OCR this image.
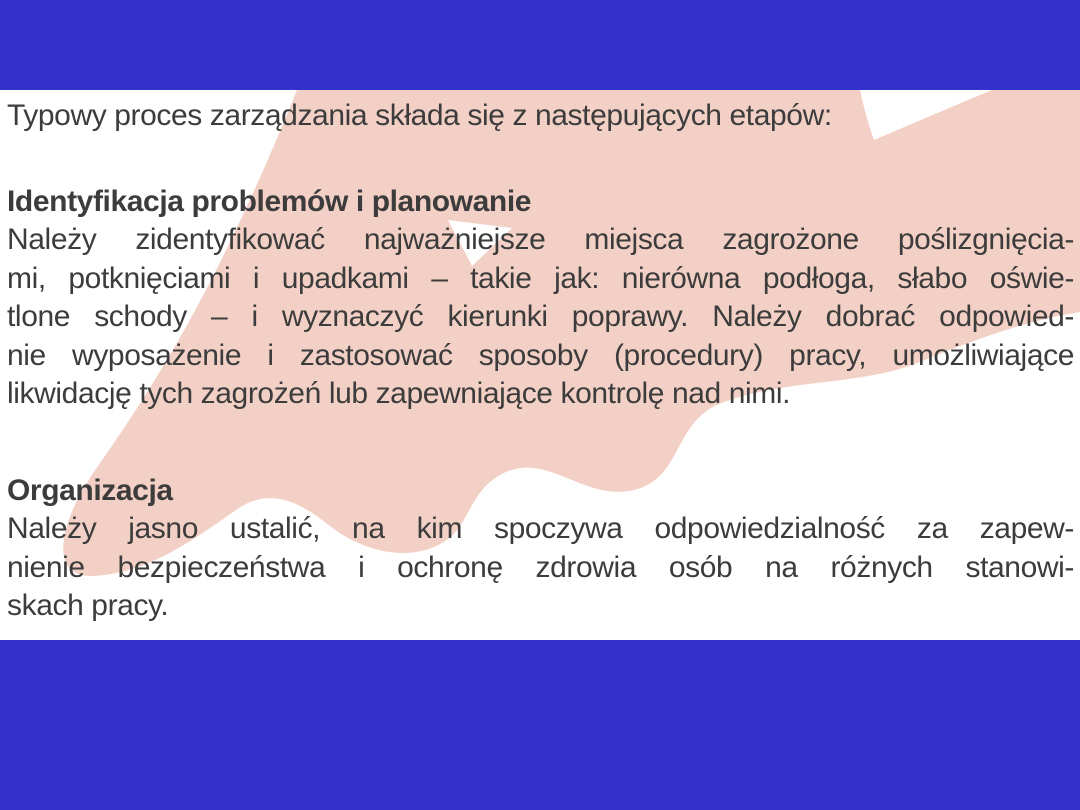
Typowy proces zarządzania składa się z następujących etapów:

Identyfikacja problemów i planowanie
Należy zidentyfikować najważniejsze miejsca zagrożone poślizgnięcia-
mi, potknięciami i upadkami – takie jak: nierówna podłoga, słabo oświe-
tlone schody – i wyznaczyć kierunki poprawy. Należy dobrać odpowied-
nie wyposażenie i zastosować sposoby (procedury) pracy, umożliwiające
likwidację tych zagrożeń lub zapewniające kontrolę nad nimi.
Organizacja
Należy jasno ustalić, na kim spoczywa odpowiedzialność za zapew-
nienie bezpieczeństwa i ochronę zdrowia osób na różnych stanowi-
skach pracy.
